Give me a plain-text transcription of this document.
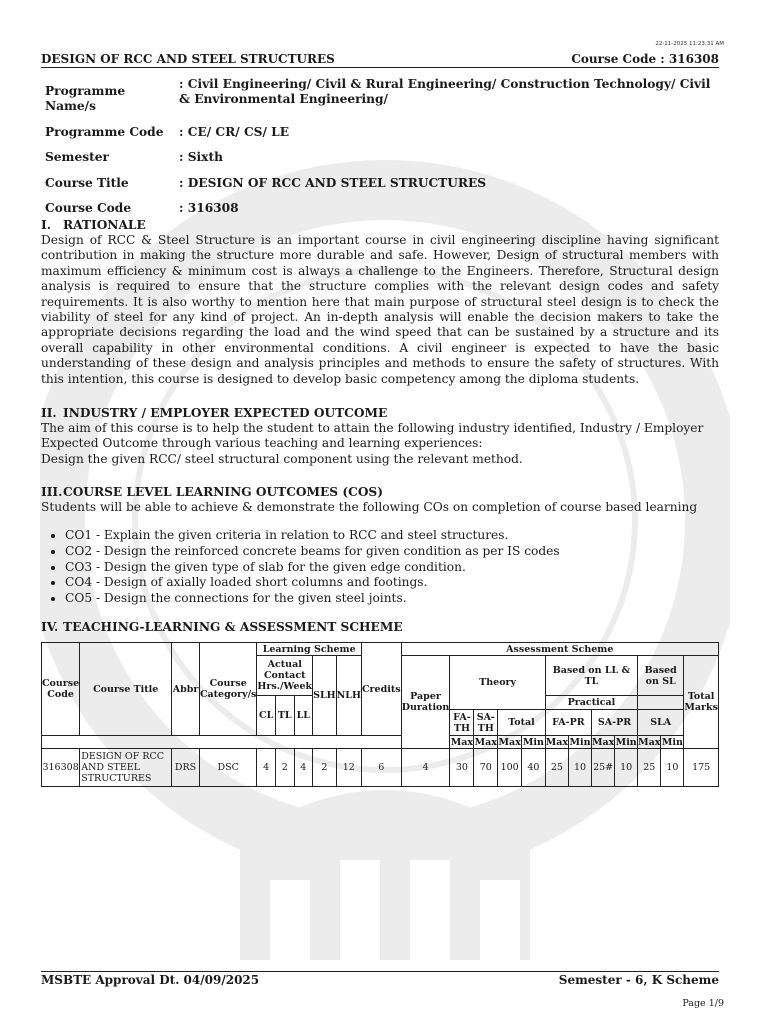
22-11-2025 11:23:31 AM
DESIGN OF RCC AND STEEL STRUCTURES	Course Code : 316308
Programme Name/s
: Civil Engineering/ Civil & Rural Engineering/ Construction Technology/ Civil & Environmental Engineering/
Programme Code	: CE/ CR/ CS/ LE
Semester	: Sixth
Course Title	: DESIGN OF RCC AND STEEL STRUCTURES
Course Code	: 316308
I. RATIONALE

Design of RCC & Steel Structure is an important course in civil engineering discipline having significant contribution in making the structure more durable and safe. However, Design of structural members with maximum efficiency & minimum cost is always a challenge to the Engineers. Therefore, Structural design analysis is required to ensure that the structure complies with the relevant design codes and safety requirements. It is also worthy to mention here that main purpose of structural steel design is to check the viability of steel for any kind of project. An in-depth analysis will enable the decision makers to take the appropriate decisions regarding the load and the wind speed that can be sustained by a structure and its overall capability in other environmental conditions. A civil engineer is expected to have the basic understanding of these design and analysis principles and methods to ensure the safety of structures. With this intention, this course is designed to develop basic competency among the diploma students.

II. INDUSTRY / EMPLOYER EXPECTED OUTCOME

The aim of this course is to help the student to attain the following industry identified, Industry / Employer Expected Outcome through various teaching and learning experiences:

Design the given RCC/ steel structural component using the relevant method.

III.COURSE LEVEL LEARNING OUTCOMES (COS)

Students will be able to achieve & demonstrate the following COs on completion of course based learning

• CO1 - Explain the given criteria in relation to RCC and steel structures.
• CO2 - Design the reinforced concrete beams for given condition as per IS codes
• CO3 - Design the given type of slab for the given edge condition.
• CO4 - Design of axially loaded short columns and footings.
• CO5 - Design the connections for the given steel joints.
IV. TEACHING-LEARNING & ASSESSMENT SCHEME
Course Code	Course Title	Abbr	Course Category/s	Learning Scheme					Credits	Assessment Scheme											
				Actual Contact Hrs./Week			SLH	NLH		Paper Duration	Theory				Based on LL & TL				Based on SL		Total Marks
				CL	TL	LL									Practical						
											FA-TH	SA-TH	Total		FA-PR		SA-PR		SLA		
											Max	Max	Max	Min	Max	Min	Max	Min	Max	Min	
316308	DESIGN OF RCC AND STEEL STRUCTURES	DRS	DSC	4	2	4	2	12	6	4	30	70	100	40	25	10	25#	10	25	10	175
MSBTE Approval Dt. 04/09/2025	Semester - 6, K Scheme
Page 1/9
